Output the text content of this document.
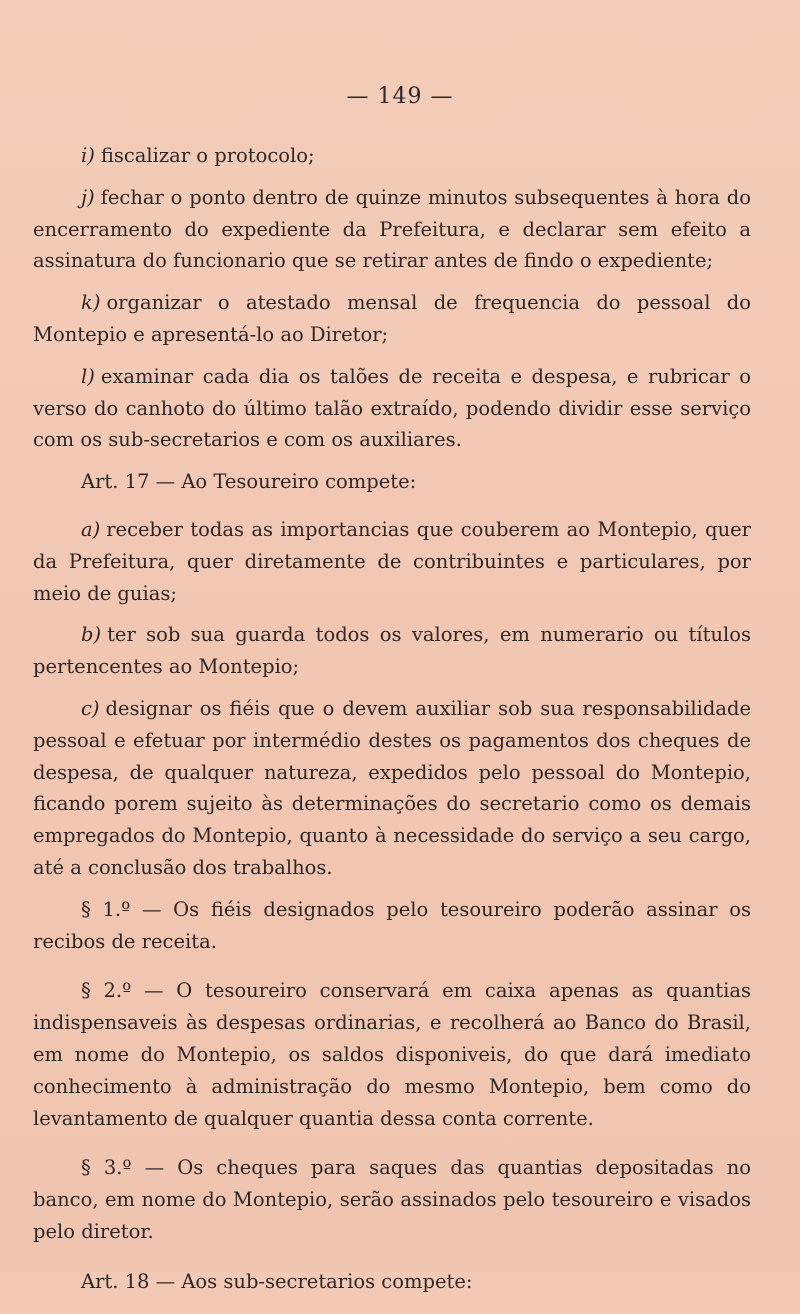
— 149 —

i) fiscalizar o protocolo;

j) fechar o ponto dentro de quinze minutos subsequentes à hora do encerramento do expediente da Prefeitura, e declarar sem efeito a assinatura do funcionario que se retirar antes de findo o expediente;

k) organizar o atestado mensal de frequencia do pessoal do Montepio e apresentá-lo ao Diretor;

l) examinar cada dia os talões de receita e despesa, e rubricar o verso do canhoto do último talão extraído, podendo dividir esse serviço com os sub-secretarios e com os auxiliares.

Art. 17 — Ao Tesoureiro compete:

a) receber todas as importancias que couberem ao Montepio, quer da Prefeitura, quer diretamente de contribuintes e particulares, por meio de guias;

b) ter sob sua guarda todos os valores, em numerario ou títulos pertencentes ao Montepio;

c) designar os fiéis que o devem auxiliar sob sua responsabilidade pessoal e efetuar por intermédio destes os pagamentos dos cheques de despesa, de qualquer natureza, expedidos pelo pessoal do Montepio, ficando porem sujeito às determinações do secretario como os demais empregados do Montepio, quanto à necessidade do serviço a seu cargo, até a conclusão dos trabalhos.

§ 1.º — Os fiéis designados pelo tesoureiro poderão assinar os recibos de receita.

§ 2.º — O tesoureiro conservará em caixa apenas as quantias indispensaveis às despesas ordinarias, e recolherá ao Banco do Brasil, em nome do Montepio, os saldos disponiveis, do que dará imediato conhecimento à administração do mesmo Montepio, bem como do levantamento de qualquer quantia dessa conta corrente.

§ 3.º — Os cheques para saques das quantias depositadas no banco, em nome do Montepio, serão assinados pelo tesoureiro e visados pelo diretor.

Art. 18 — Aos sub-secretarios compete:
